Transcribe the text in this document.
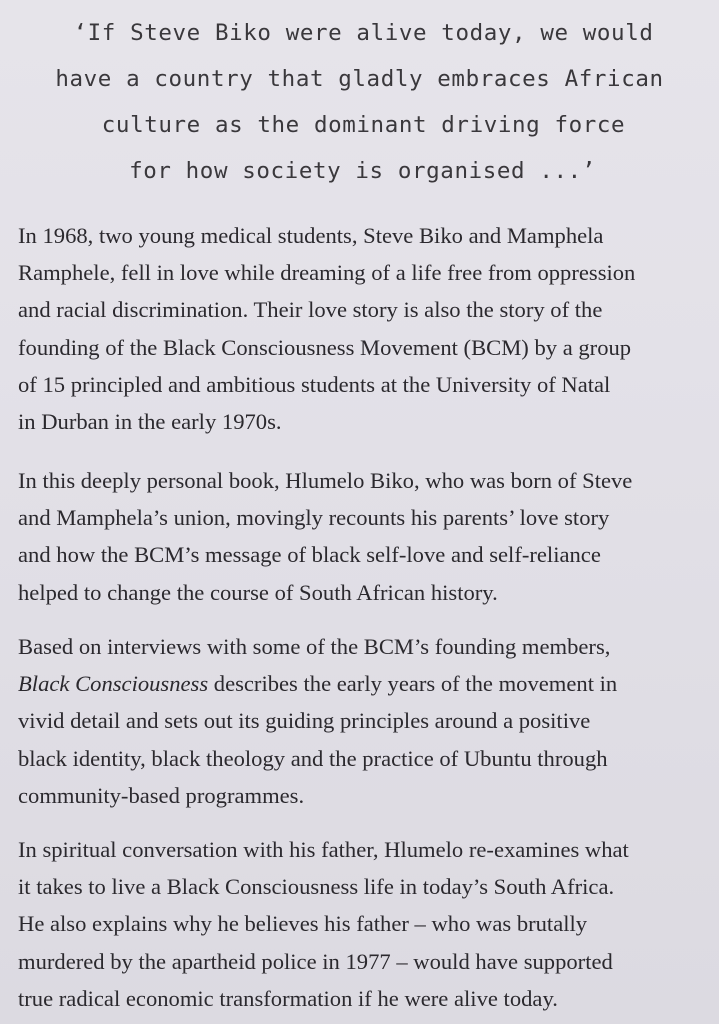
‘If Steve Biko were alive today, we would
have a country that gladly embraces African
culture as the dominant driving force
for how society is organised ...’
In 1968, two young medical students, Steve Biko and Mamphela
Ramphele, fell in love while dreaming of a life free from oppression
and racial discrimination. Their love story is also the story of the
founding of the Black Consciousness Movement (BCM) by a group
of 15 principled and ambitious students at the University of Natal
in Durban in the early 1970s.
In this deeply personal book, Hlumelo Biko, who was born of Steve
and Mamphela’s union, movingly recounts his parents’ love story
and how the BCM’s message of black self-love and self-reliance
helped to change the course of South African history.
Based on interviews with some of the BCM’s founding members,
Black Consciousness describes the early years of the movement in
vivid detail and sets out its guiding principles around a positive
black identity, black theology and the practice of Ubuntu through
community-based programmes.
In spiritual conversation with his father, Hlumelo re-examines what
it takes to live a Black Consciousness life in today’s South Africa.
He also explains why he believes his father – who was brutally
murdered by the apartheid police in 1977 – would have supported
true radical economic transformation if he were alive today.
